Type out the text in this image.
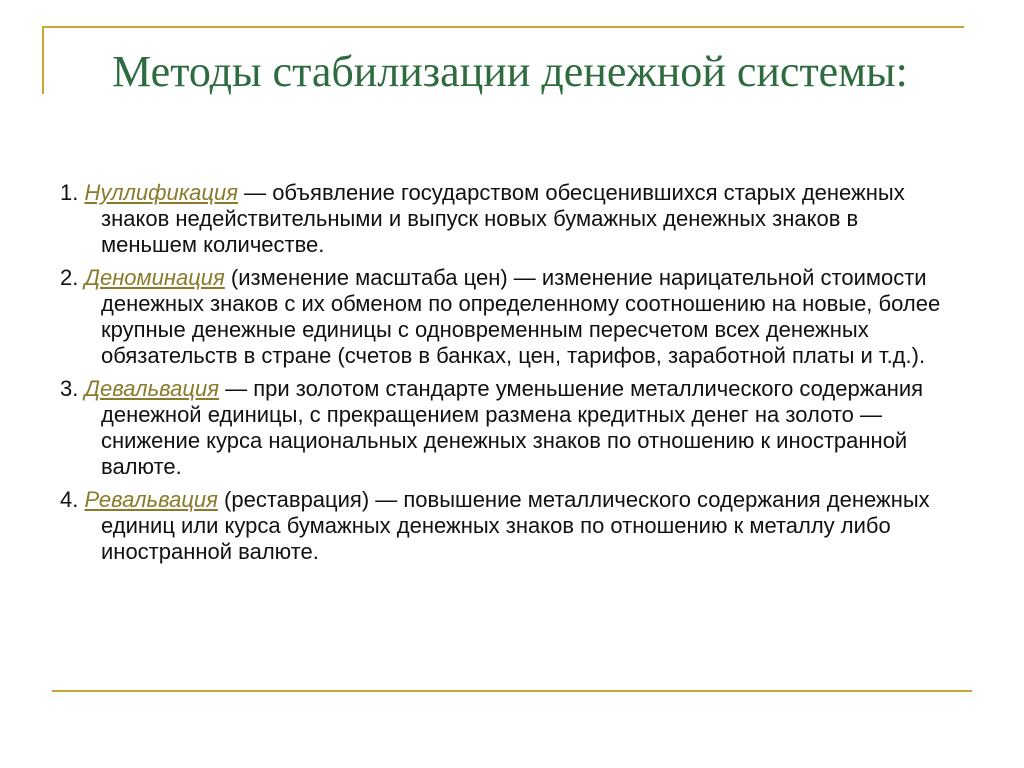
Методы стабилизации денежной системы:
1. Нуллификация — объявление государством обесценившихся старых денежных знаков недействительными и выпуск новых бумажных денежных знаков в меньшем количестве.
2. Деноминация (изменение масштаба цен) — изменение нарицательной стоимости денежных знаков с их обменом по определенному соотношению на новые, более крупные денежные единицы с одновременным пересчетом всех денежных обязательств в стране (счетов в банках, цен, тарифов, заработной платы и т.д.).
3. Девальвация — при золотом стандарте уменьшение металлического содержания денежной единицы, с прекращением размена кредитных денег на золото — снижение курса национальных денежных знаков по отношению к иностранной валюте.
4. Ревальвация (реставрация) — повышение металлического содержания денежных единиц или курса бумажных денежных знаков по отношению к металлу либо иностранной валюте.
